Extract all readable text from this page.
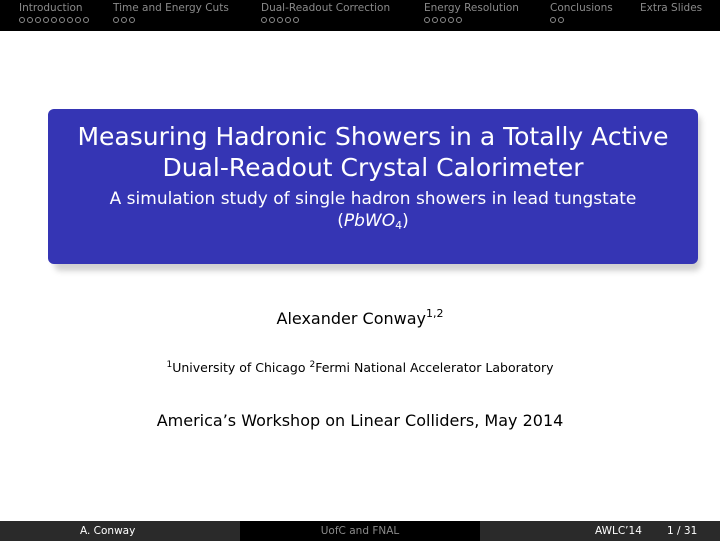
Introduction	Time and Energy Cuts	Dual-Readout Correction	Energy Resolution	Conclusions	Extra Slides
Measuring Hadronic Showers in a Totally Active
Dual-Readout Crystal Calorimeter
A simulation study of single hadron showers in lead tungstate
(PbWO$_4$)
Alexander Conway$^{1,2}$
$^1$University of Chicago $^2$Fermi National Accelerator Laboratory
America’s Workshop on Linear Colliders, May 2014
A. Conway	UofC and FNAL	AWLC’14 1 / 31
